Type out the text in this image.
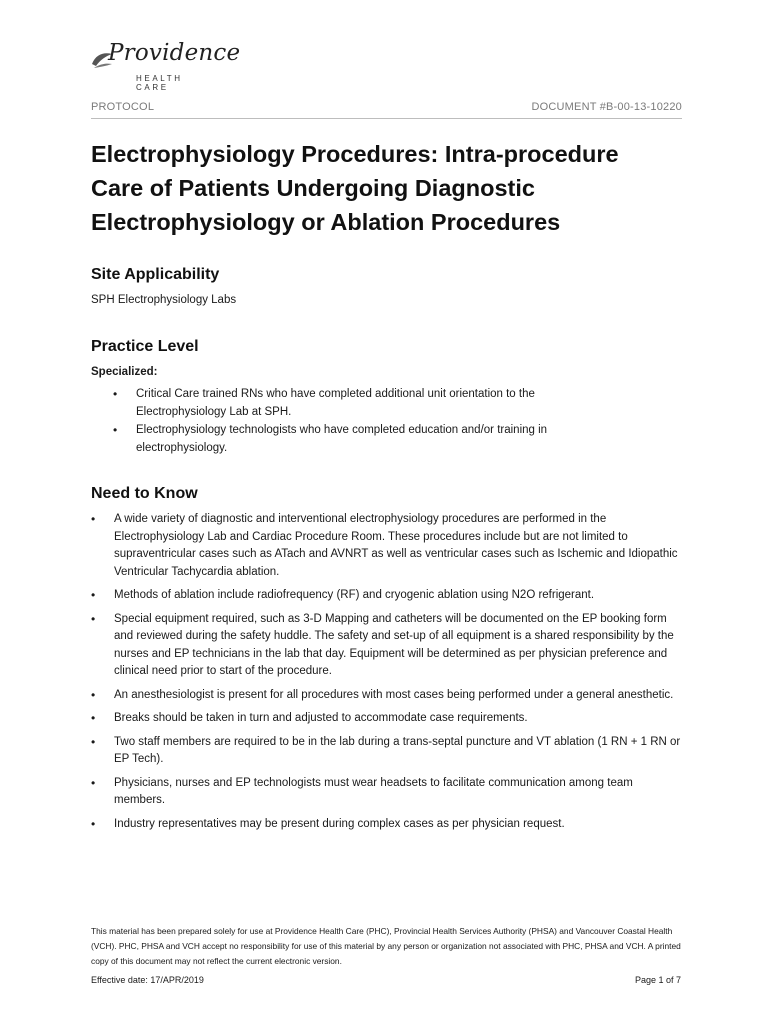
Providence
HEALTH CARE
PROTOCOL	DOCUMENT #B-00-13-10220
Electrophysiology Procedures: Intra-procedure
Care of Patients Undergoing Diagnostic
Electrophysiology or Ablation Procedures
Site Applicability

SPH Electrophysiology Labs

Practice Level

Specialized:

• Critical Care trained RNs who have completed additional unit orientation to the Electrophysiology Lab at SPH.
• Electrophysiology technologists who have completed education and/or training in electrophysiology.
Need to Know
• A wide variety of diagnostic and interventional electrophysiology procedures are performed in the Electrophysiology Lab and Cardiac Procedure Room. These procedures include but are not limited to supraventricular cases such as ATach and AVNRT as well as ventricular cases such as Ischemic and Idiopathic Ventricular Tachycardia ablation.
• Methods of ablation include radiofrequency (RF) and cryogenic ablation using N2O refrigerant.
• Special equipment required, such as 3-D Mapping and catheters will be documented on the EP booking form and reviewed during the safety huddle. The safety and set-up of all equipment is a shared responsibility by the nurses and EP technicians in the lab that day. Equipment will be determined as per physician preference and clinical need prior to start of the procedure.
• An anesthesiologist is present for all procedures with most cases being performed under a general anesthetic.
• Breaks should be taken in turn and adjusted to accommodate case requirements.
• Two staff members are required to be in the lab during a trans-septal puncture and VT ablation (1 RN + 1 RN or EP Tech).
• Physicians, nurses and EP technologists must wear headsets to facilitate communication among team members.
• Industry representatives may be present during complex cases as per physician request.

This material has been prepared solely for use at Providence Health Care (PHC), Provincial Health Services Authority (PHSA) and Vancouver Coastal Health (VCH). PHC, PHSA and VCH accept no responsibility for use of this material by any person or organization not associated with PHC, PHSA and VCH. A printed copy of this document may not reflect the current electronic version.

Effective date: 17/APR/2019	Page 1 of 7
